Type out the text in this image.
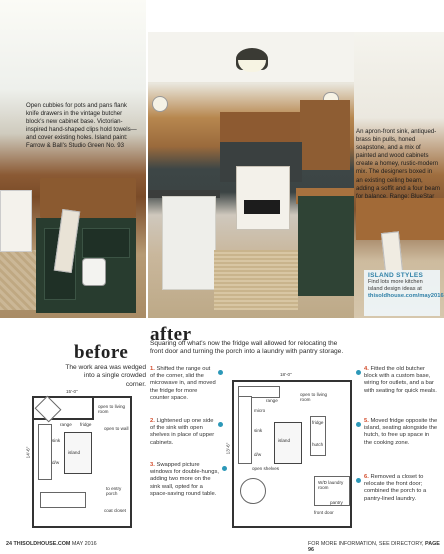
Open cubbies for pots and pans flank knife drawers in the vintage butcher block's new cabinet base. Victorian-inspired hand-shaped clips hold towels—and cover existing holes. Island paint: Farrow & Ball's Studio Green No. 93
An apron-front sink, antiqued-brass bin pulls, honed soapstone, and a mix of painted and wood cabinets create a homey, rustic-modern mix. The designers boxed in an existing ceiling beam, adding a soffit and a four beam for balance. Range: BlueStar
ISLAND STYLES
Find lots more kitchen island design ideas at
thisoldhouse.com/may2016
before
The work area was wedged into a single crowded corner.
range fridge
sink
island
d/w
open to living room
open to wall
to entry porch
coat closet
15'-0"
14'-6"
after
Squaring off what's now the fridge wall allowed for relocating the front door and turning the porch into a laundry with pantry storage.
1. Shifted the range out of the corner, slid the microwave in, and moved the fridge for more counter space.
2. Lightened up one side of the sink with open shelves in place of upper cabinets.
3. Swapped picture windows for double-hungs, adding two more on the sink wall, opted for a space-saving round table.
4. Fitted the old butcher block with a custom base, wiring for outlets, and a bar with seating for quick meals.
5. Moved fridge opposite the island, seating alongside the hutch, to free up space in the cooking zone.
6. Removed a closet to relocate the front door; combined the porch to a pantry-lined laundry.
range
micro
sink
d/w
island
fridge
hutch
open shelves
W/D laundry room
front door
open to living room
pantry
18'-0"
13'-6"
24 THISOLDHOUSE.COM MAY 2016	FOR MORE INFORMATION, SEE DIRECTORY, PAGE 96
